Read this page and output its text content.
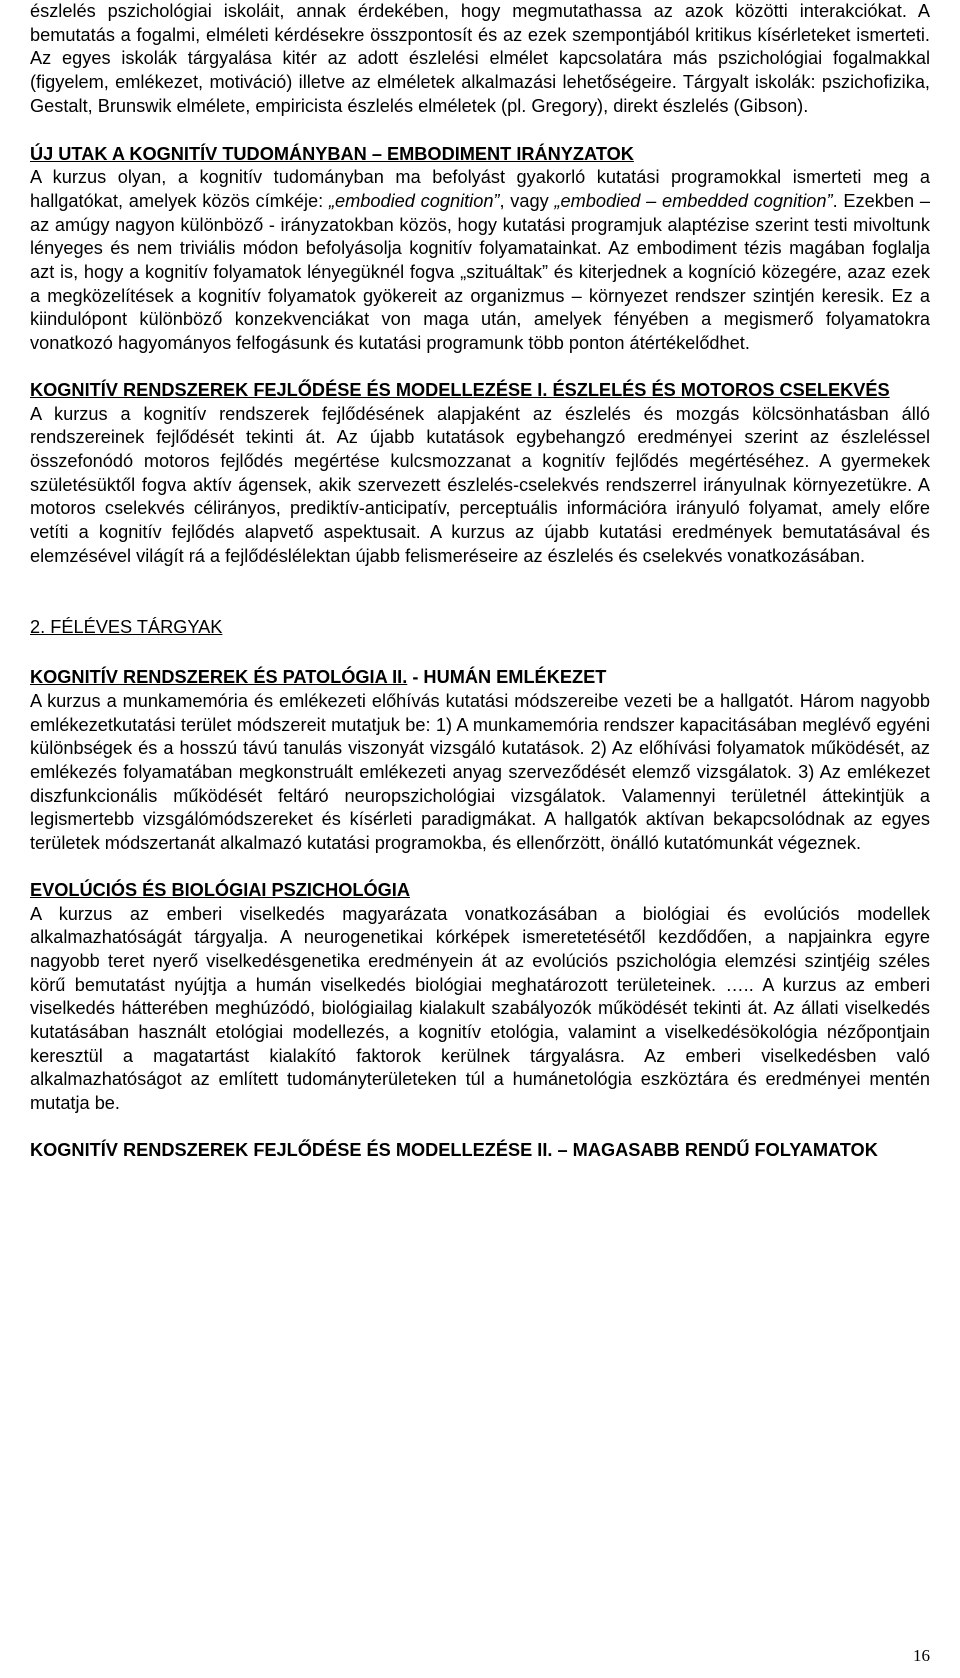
észlelés pszichológiai iskoláit, annak érdekében, hogy megmutathassa az azok közötti interakciókat. A bemutatás a fogalmi, elméleti kérdésekre összpontosít és az ezek szempontjából kritikus kísérleteket ismerteti. Az egyes iskolák tárgyalása kitér az adott észlelési elmélet kapcsolatára más pszichológiai fogalmakkal (figyelem, emlékezet, motiváció) illetve az elméletek alkalmazási lehetőségeire. Tárgyalt iskolák: pszichofizika, Gestalt, Brunswik elmélete, empiricista észlelés elméletek (pl. Gregory), direkt észlelés (Gibson).

ÚJ UTAK A KOGNITÍV TUDOMÁNYBAN – EMBODIMENT IRÁNYZATOK

A kurzus olyan, a kognitív tudományban ma befolyást gyakorló kutatási programokkal ismerteti meg a hallgatókat, amelyek közös címkéje: „embodied cognition”, vagy „embodied – embedded cognition”. Ezekben – az amúgy nagyon különböző - irányzatokban közös, hogy kutatási programjuk alaptézise szerint testi mivoltunk lényeges és nem triviális módon befolyásolja kognitív folyamatainkat. Az embodiment tézis magában foglalja azt is, hogy a kognitív folyamatok lényegüknél fogva „szituáltak” és kiterjednek a kogníció közegére, azaz ezek a megközelítések a kognitív folyamatok gyökereit az organizmus – környezet rendszer szintjén keresik. Ez a kiindulópont különböző konzekvenciákat von maga után, amelyek fényében a megismerő folyamatokra vonatkozó hagyományos felfogásunk és kutatási programunk több ponton átértékelődhet.

KOGNITÍV RENDSZEREK FEJLŐDÉSE ÉS MODELLEZÉSE I. ÉSZLELÉS ÉS MOTOROS CSELEKVÉS

A kurzus a kognitív rendszerek fejlődésének alapjaként az észlelés és mozgás kölcsönhatásban álló rendszereinek fejlődését tekinti át. Az újabb kutatások egybehangzó eredményei szerint az észleléssel összefonódó motoros fejlődés megértése kulcsmozzanat a kognitív fejlődés megértéséhez. A gyermekek születésüktől fogva aktív ágensek, akik szervezett észlelés-cselekvés rendszerrel irányulnak környezetükre. A motoros cselekvés célirányos, prediktív-anticipatív, perceptuális információra irányuló folyamat, amely előre vetíti a kognitív fejlődés alapvető aspektusait. A kurzus az újabb kutatási eredmények bemutatásával és elemzésével világít rá a fejlődéslélektan újabb felismeréseire az észlelés és cselekvés vonatkozásában.

2. FÉLÉVES TÁRGYAK
KOGNITÍV RENDSZEREK ÉS PATOLÓGIA II. - HUMÁN EMLÉKEZET

A kurzus a munkamemória és emlékezeti előhívás kutatási módszereibe vezeti be a hallgatót. Három nagyobb emlékezetkutatási terület módszereit mutatjuk be: 1) A munkamemória rendszer kapacitásában meglévő egyéni különbségek és a hosszú távú tanulás viszonyát vizsgáló kutatások. 2) Az előhívási folyamatok működését, az emlékezés folyamatában megkonstruált emlékezeti anyag szerveződését elemző vizsgálatok. 3) Az emlékezet diszfunkcionális működését feltáró neuropszichológiai vizsgálatok. Valamennyi területnél áttekintjük a legismertebb vizsgálómódszereket és kísérleti paradigmákat. A hallgatók aktívan bekapcsolódnak az egyes területek módszertanát alkalmazó kutatási programokba, és ellenőrzött, önálló kutatómunkát végeznek.

EVOLÚCIÓS ÉS BIOLÓGIAI PSZICHOLÓGIA

A kurzus az emberi viselkedés magyarázata vonatkozásában a biológiai és evolúciós modellek alkalmazhatóságát tárgyalja. A neurogenetikai kórképek ismeretetésétől kezdődően, a napjainkra egyre nagyobb teret nyerő viselkedésgenetika eredményein át az evolúciós pszichológia elemzési szintjéig széles körű bemutatást nyújtja a humán viselkedés biológiai meghatározott területeinek. ….. A kurzus az emberi viselkedés hátterében meghúzódó, biológiailag kialakult szabályozók működését tekinti át. Az állati viselkedés kutatásában használt etológiai modellezés, a kognitív etológia, valamint a viselkedésökológia nézőpontjain keresztül a magatartást kialakító faktorok kerülnek tárgyalásra. Az emberi viselkedésben való alkalmazhatóságot az említett tudományterületeken túl a humánetológia eszköztára és eredményei mentén mutatja be.

KOGNITÍV RENDSZEREK FEJLŐDÉSE ÉS MODELLEZÉSE II. – MAGASABB RENDŰ FOLYAMATOK
16
